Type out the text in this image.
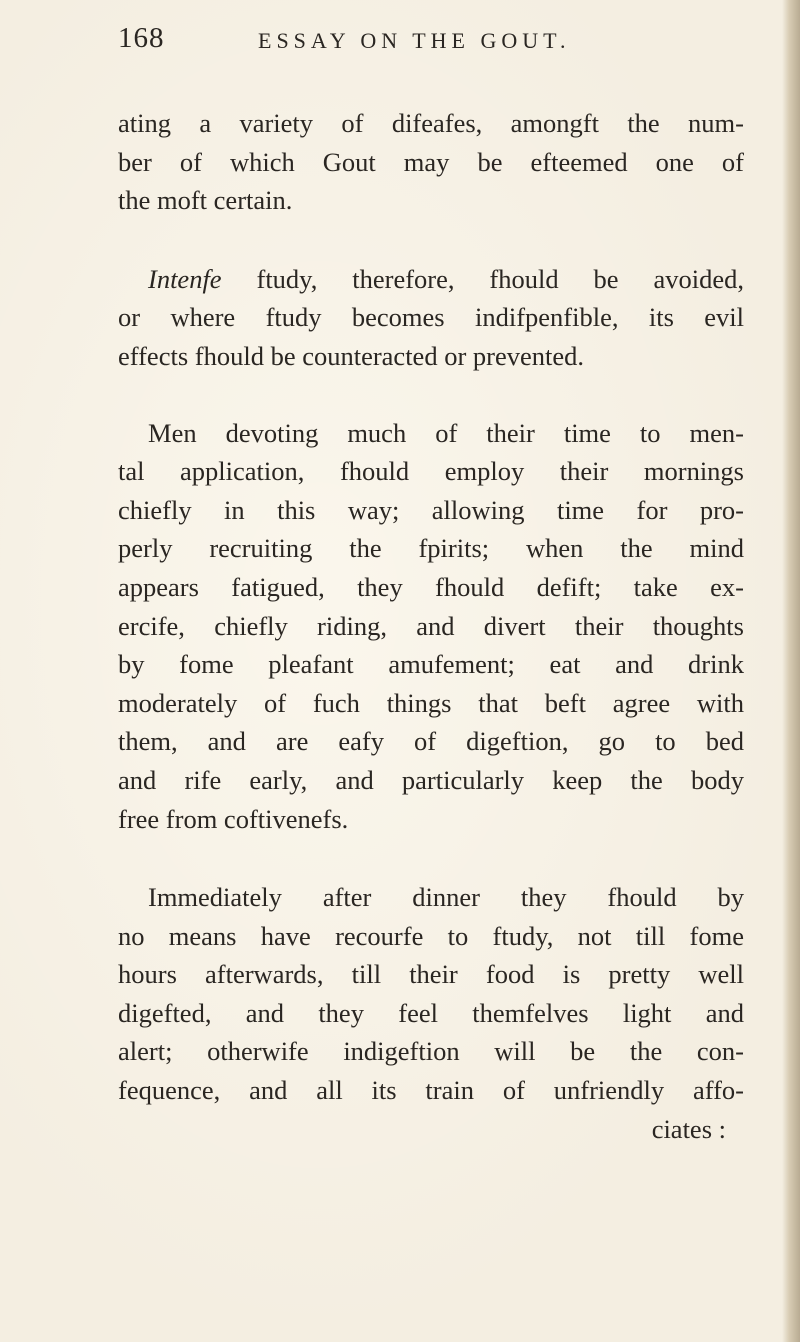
168	ESSAY ON THE GOUT.
ating a variety of difeafes, amongft the num-
ber of which Gout may be efteemed one of
the moft certain.
Intenfe ftudy, therefore, fhould be avoided,
or where ftudy becomes indifpenfible, its evil
effects fhould be counteracted or prevented.
Men devoting much of their time to men-
tal application, fhould employ their mornings
chiefly in this way; allowing time for pro-
perly recruiting the fpirits; when the mind
appears fatigued, they fhould defift; take ex-
ercife, chiefly riding, and divert their thoughts
by fome pleafant amufement; eat and drink
moderately of fuch things that beft agree with
them, and are eafy of digeftion, go to bed
and rife early, and particularly keep the body
free from coftivenefs.
Immediately after dinner they fhould by
no means have recourfe to ftudy, not till fome
hours afterwards, till their food is pretty well
digefted, and they feel themfelves light and
alert; otherwife indigeftion will be the con-
fequence, and all its train of unfriendly affo-
ciates :
